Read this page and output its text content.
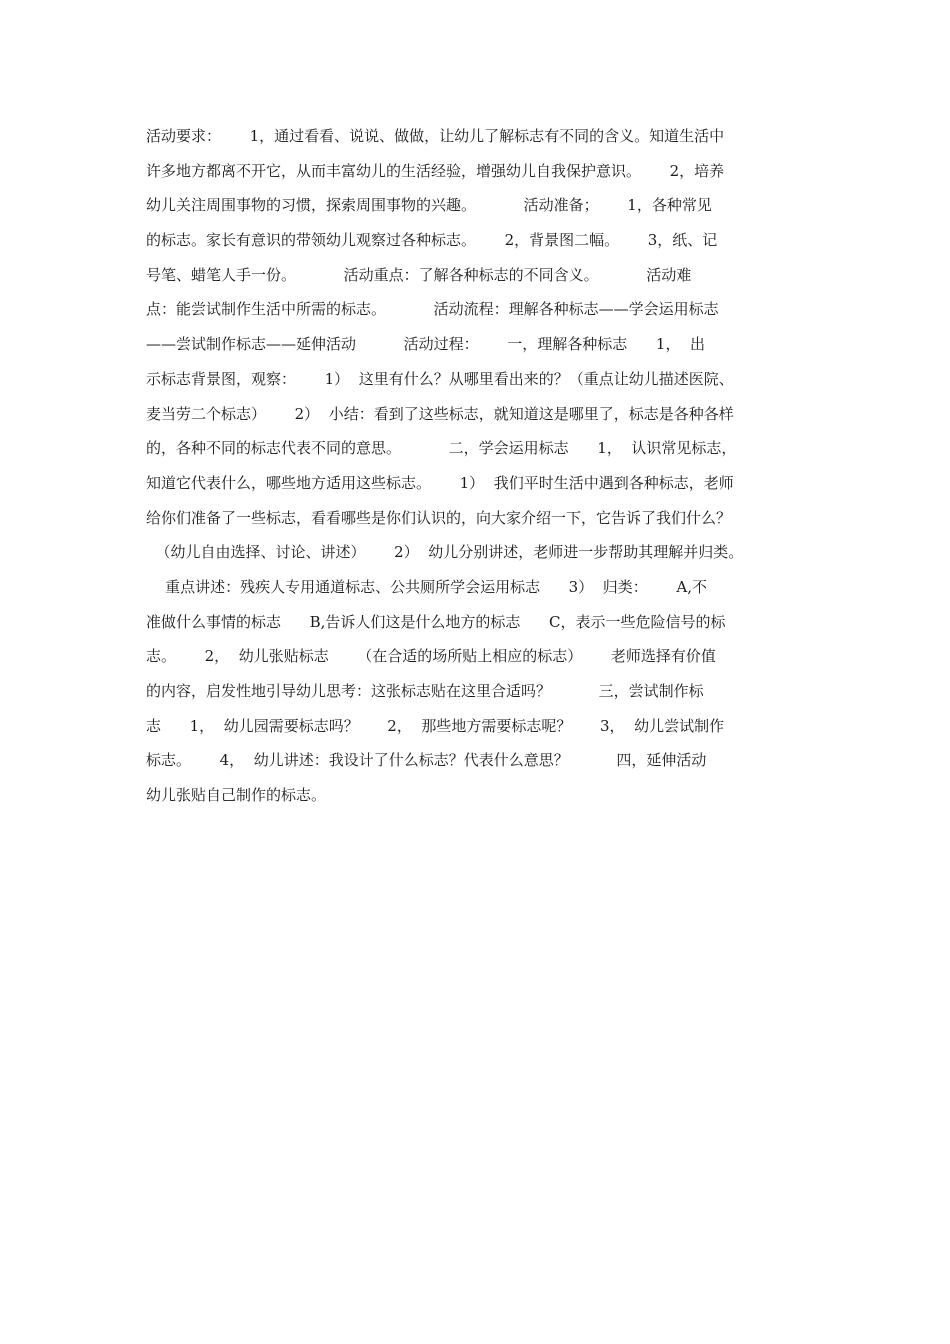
活动要求：      1，通过看看、说说、做做，让幼儿了解标志有不同的含义。知道生活中
许多地方都离不开它，从而丰富幼儿的生活经验，增强幼儿自我保护意识。      2，培养
幼儿关注周围事物的习惯，探索周围事物的兴趣。          活动准备；      1，各种常见
的标志。家长有意识的带领幼儿观察过各种标志。      2，背景图二幅。      3，纸、记
号笔、蜡笔人手一份。          活动重点：了解各种标志的不同含义。          活动难
点：能尝试制作生活中所需的标志。          活动流程：理解各种标志——学会运用标志
——尝试制作标志——延伸活动          活动过程：      一，理解各种标志      1，  出
示标志背景图，观察：      1）  这里有什么？从哪里看出来的？（重点让幼儿描述医院、
麦当劳二个标志）      2）  小结：看到了这些标志，就知道这是哪里了，标志是各种各样
的，各种不同的标志代表不同的意思。          二，学会运用标志      1，  认识常见标志，
知道它代表什么，哪些地方适用这些标志。      1）  我们平时生活中遇到各种标志，老师
给你们准备了一些标志，看看哪些是你们认识的，向大家介绍一下，它告诉了我们什么？
（幼儿自由选择、讨论、讲述）      2）  幼儿分别讲述，老师进一步帮助其理解并归类。
重点讲述：残疾人专用通道标志、公共厕所学会运用标志      3）  归类：      A,不
准做什么事情的标志      B,告诉人们这是什么地方的标志      C，表示一些危险信号的标
志。      2，  幼儿张贴标志      （在合适的场所贴上相应的标志）      老师选择有价值
的内容，启发性地引导幼儿思考：这张标志贴在这里合适吗？          三，尝试制作标
志      1，  幼儿园需要标志吗？      2，  那些地方需要标志呢？      3，  幼儿尝试制作
标志。      4，  幼儿讲述：我设计了什么标志？代表什么意思？          四，延伸活动
幼儿张贴自己制作的标志。
